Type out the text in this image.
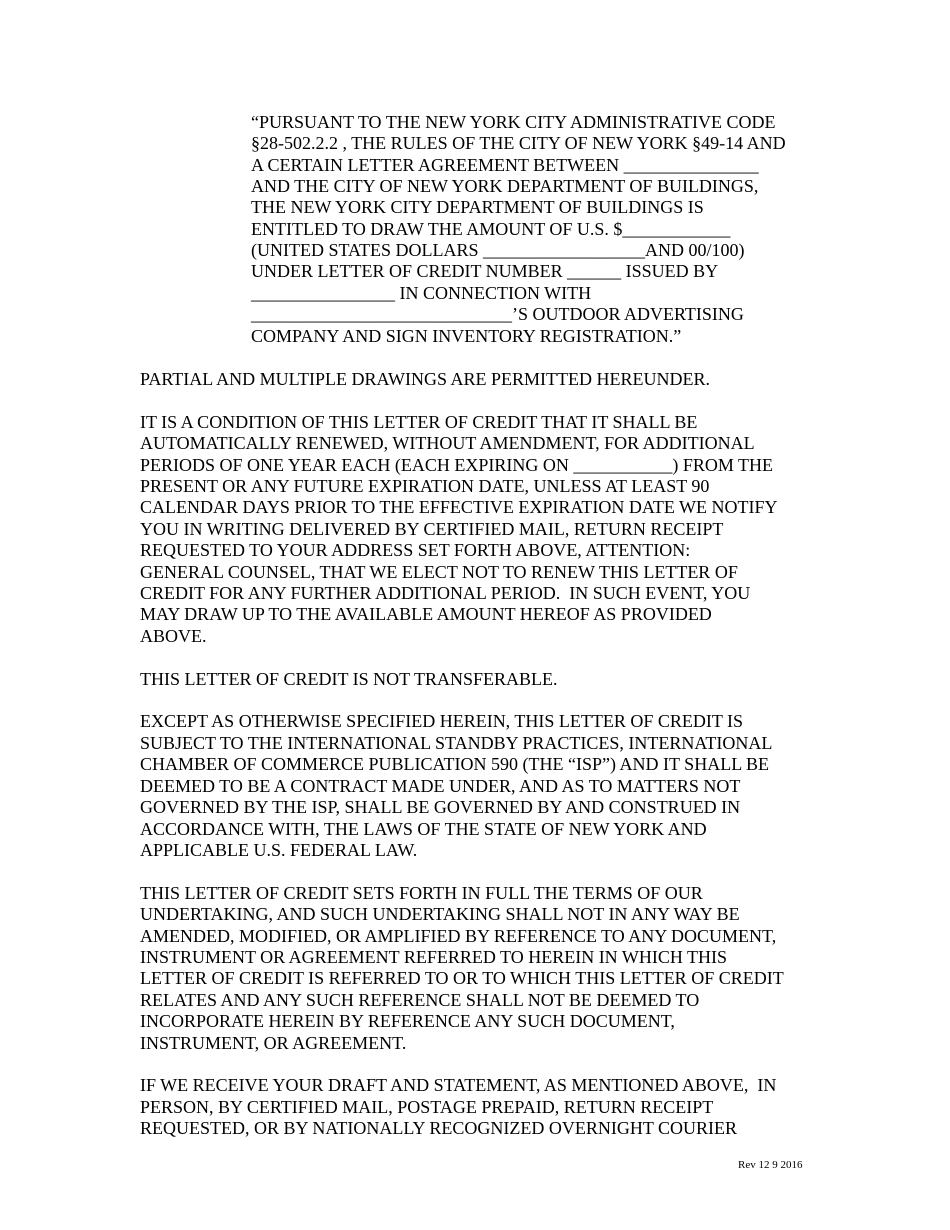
“PURSUANT TO THE NEW YORK CITY ADMINISTRATIVE CODE
§28-502.2.2 , THE RULES OF THE CITY OF NEW YORK §49-14 AND
A CERTAIN LETTER AGREEMENT BETWEEN _______________
AND THE CITY OF NEW YORK DEPARTMENT OF BUILDINGS,
THE NEW YORK CITY DEPARTMENT OF BUILDINGS IS
ENTITLED TO DRAW THE AMOUNT OF U.S. $____________
(UNITED STATES DOLLARS __________________AND 00/100)
UNDER LETTER OF CREDIT NUMBER ______ ISSUED BY
________________ IN CONNECTION WITH
_____________________________’S OUTDOOR ADVERTISING
COMPANY AND SIGN INVENTORY REGISTRATION.”
PARTIAL AND MULTIPLE DRAWINGS ARE PERMITTED HEREUNDER.
IT IS A CONDITION OF THIS LETTER OF CREDIT THAT IT SHALL BE
AUTOMATICALLY RENEWED, WITHOUT AMENDMENT, FOR ADDITIONAL
PERIODS OF ONE YEAR EACH (EACH EXPIRING ON ___________) FROM THE
PRESENT OR ANY FUTURE EXPIRATION DATE, UNLESS AT LEAST 90
CALENDAR DAYS PRIOR TO THE EFFECTIVE EXPIRATION DATE WE NOTIFY
YOU IN WRITING DELIVERED BY CERTIFIED MAIL, RETURN RECEIPT
REQUESTED TO YOUR ADDRESS SET FORTH ABOVE, ATTENTION:
GENERAL COUNSEL, THAT WE ELECT NOT TO RENEW THIS LETTER OF
CREDIT FOR ANY FURTHER ADDITIONAL PERIOD.  IN SUCH EVENT, YOU
MAY DRAW UP TO THE AVAILABLE AMOUNT HEREOF AS PROVIDED
ABOVE.
THIS LETTER OF CREDIT IS NOT TRANSFERABLE.
EXCEPT AS OTHERWISE SPECIFIED HEREIN, THIS LETTER OF CREDIT IS
SUBJECT TO THE INTERNATIONAL STANDBY PRACTICES, INTERNATIONAL
CHAMBER OF COMMERCE PUBLICATION 590 (THE “ISP”) AND IT SHALL BE
DEEMED TO BE A CONTRACT MADE UNDER, AND AS TO MATTERS NOT
GOVERNED BY THE ISP, SHALL BE GOVERNED BY AND CONSTRUED IN
ACCORDANCE WITH, THE LAWS OF THE STATE OF NEW YORK AND
APPLICABLE U.S. FEDERAL LAW.
THIS LETTER OF CREDIT SETS FORTH IN FULL THE TERMS OF OUR
UNDERTAKING, AND SUCH UNDERTAKING SHALL NOT IN ANY WAY BE
AMENDED, MODIFIED, OR AMPLIFIED BY REFERENCE TO ANY DOCUMENT,
INSTRUMENT OR AGREEMENT REFERRED TO HEREIN IN WHICH THIS
LETTER OF CREDIT IS REFERRED TO OR TO WHICH THIS LETTER OF CREDIT
RELATES AND ANY SUCH REFERENCE SHALL NOT BE DEEMED TO
INCORPORATE HEREIN BY REFERENCE ANY SUCH DOCUMENT,
INSTRUMENT, OR AGREEMENT.
IF WE RECEIVE YOUR DRAFT AND STATEMENT, AS MENTIONED ABOVE,  IN
PERSON, BY CERTIFIED MAIL, POSTAGE PREPAID, RETURN RECEIPT
REQUESTED, OR BY NATIONALLY RECOGNIZED OVERNIGHT COURIER
Rev 12 9 2016
